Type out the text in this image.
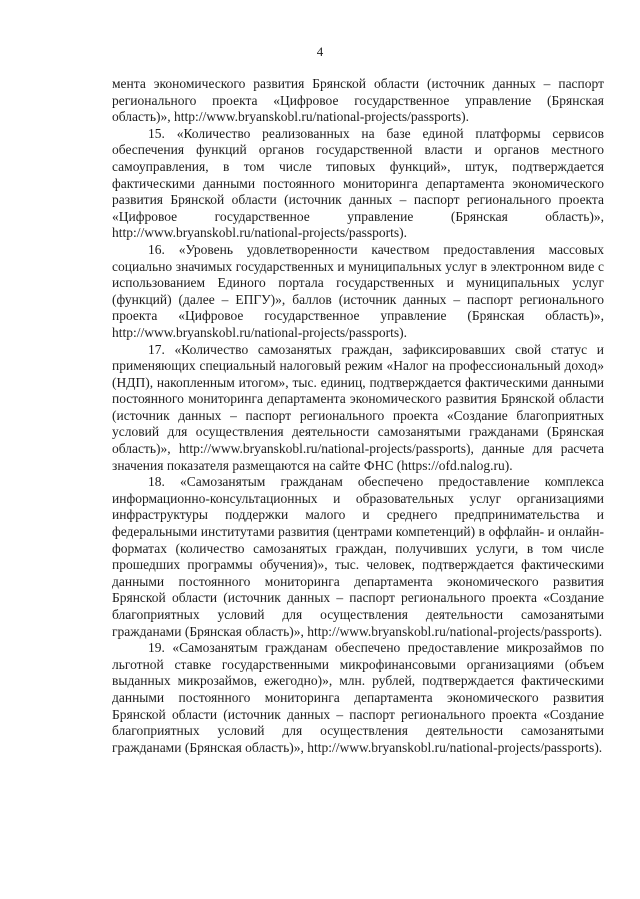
4

мента экономического развития Брянской области (источник данных – паспорт регионального проекта «Цифровое государственное управление (Брянская область)», http://www.bryanskobl.ru/national-projects/passports).

15. «Количество реализованных на базе единой платформы сервисов обеспечения функций органов государственной власти и органов местного самоуправления, в том числе типовых функций», штук, подтверждается фактическими данными постоянного мониторинга департамента экономического развития Брянской области (источник данных – паспорт регионального проекта «Цифровое государственное управление (Брянская область)», http://www.bryanskobl.ru/national-projects/passports).

16. «Уровень удовлетворенности качеством предоставления массовых социально значимых государственных и муниципальных услуг в электронном виде с использованием Единого портала государственных и муниципальных услуг (функций) (далее – ЕПГУ)», баллов (источник данных – паспорт регионального проекта «Цифровое государственное управление (Брянская область)», http://www.bryanskobl.ru/national-projects/passports).

17. «Количество самозанятых граждан, зафиксировавших свой статус и применяющих специальный налоговый режим «Налог на профессиональный доход» (НДП), накопленным итогом», тыс. единиц, подтверждается фактическими данными постоянного мониторинга департамента экономического развития Брянской области (источник данных – паспорт регионального проекта «Создание благоприятных условий для осуществления деятельности самозанятыми гражданами (Брянская область)», http://www.bryanskobl.ru/national-projects/passports), данные для расчета значения показателя размещаются на сайте ФНС (https://ofd.nalog.ru).

18. «Самозанятым гражданам обеспечено предоставление комплекса информационно-консультационных и образовательных услуг организациями инфраструктуры поддержки малого и среднего предпринимательства и федеральными институтами развития (центрами компетенций) в оффлайн- и онлайн-форматах (количество самозанятых граждан, получивших услуги, в том числе прошедших программы обучения)», тыс. человек, подтверждается фактическими данными постоянного мониторинга департамента экономического развития Брянской области (источник данных – паспорт регионального проекта «Создание благоприятных условий для осуществления деятельности самозанятыми гражданами (Брянская область)», http://www.bryanskobl.ru/national-projects/passports).

19. «Самозанятым гражданам обеспечено предоставление микрозаймов по льготной ставке государственными микрофинансовыми организациями (объем выданных микрозаймов, ежегодно)», млн. рублей, подтверждается фактическими данными постоянного мониторинга департамента экономического развития Брянской области (источник данных – паспорт регионального проекта «Создание благоприятных условий для осуществления деятельности самозанятыми гражданами (Брянская область)», http://www.bryanskobl.ru/national-projects/passports).
